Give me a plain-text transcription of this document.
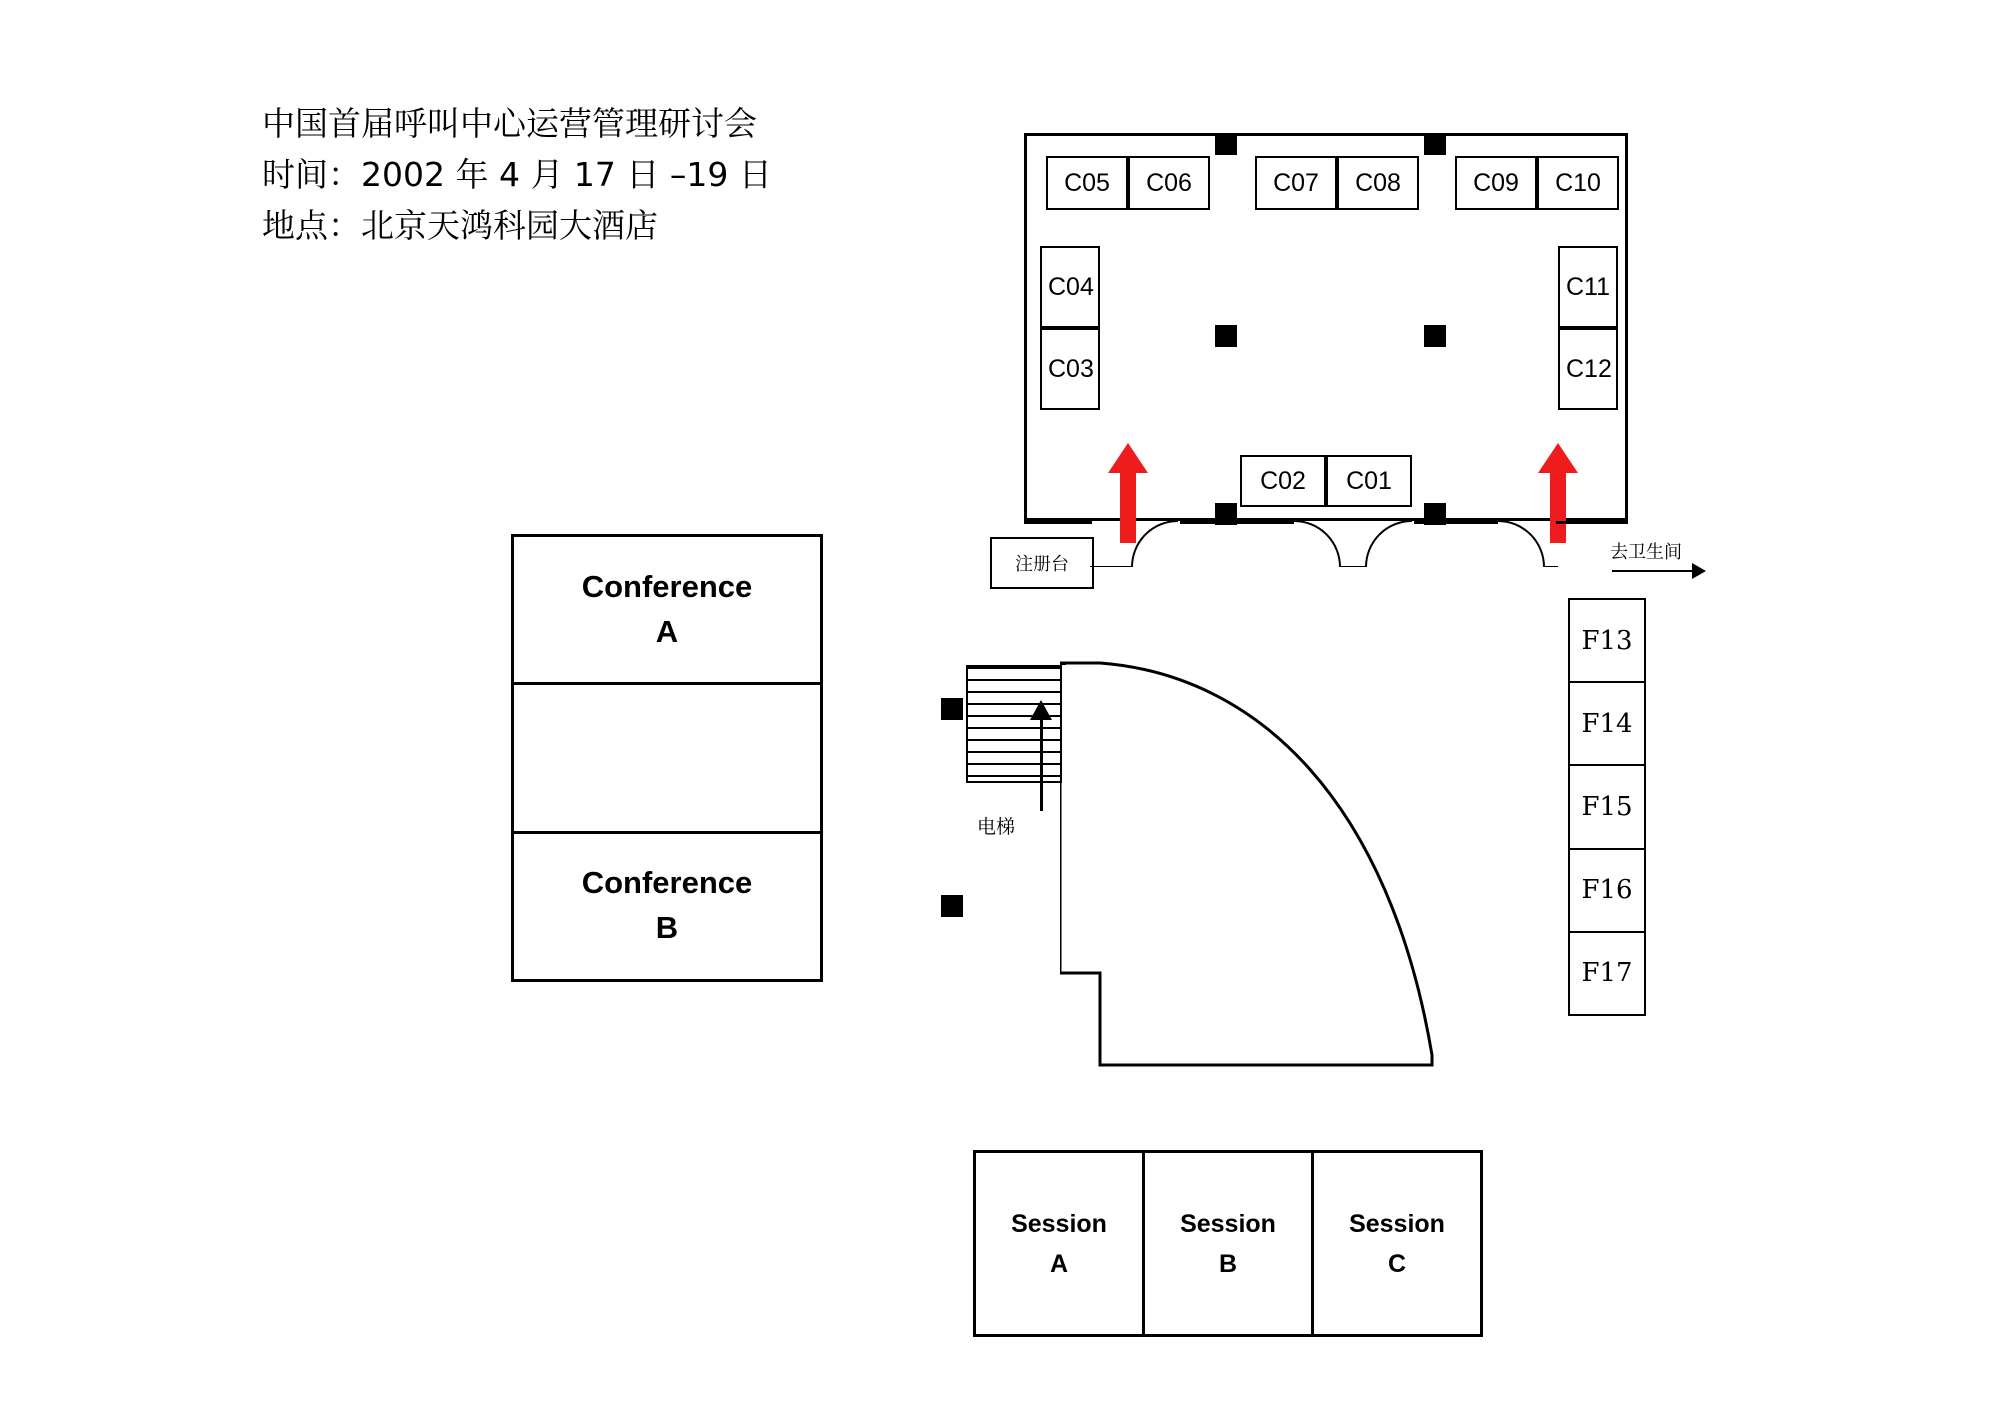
中国首届呼叫中心运营管理研讨会
时间：2002 年 4 月 17 日 –19 日
地点：北京天鸿科园大酒店
C05	C06	C07	C08	C09	C10
C04
C03
C11
C12
C02	C01
注册台
去卫生间
Conference
A
Conference
B
F13
F14
F15
F16
F17
电梯
Session
A
Session
B
Session
C
